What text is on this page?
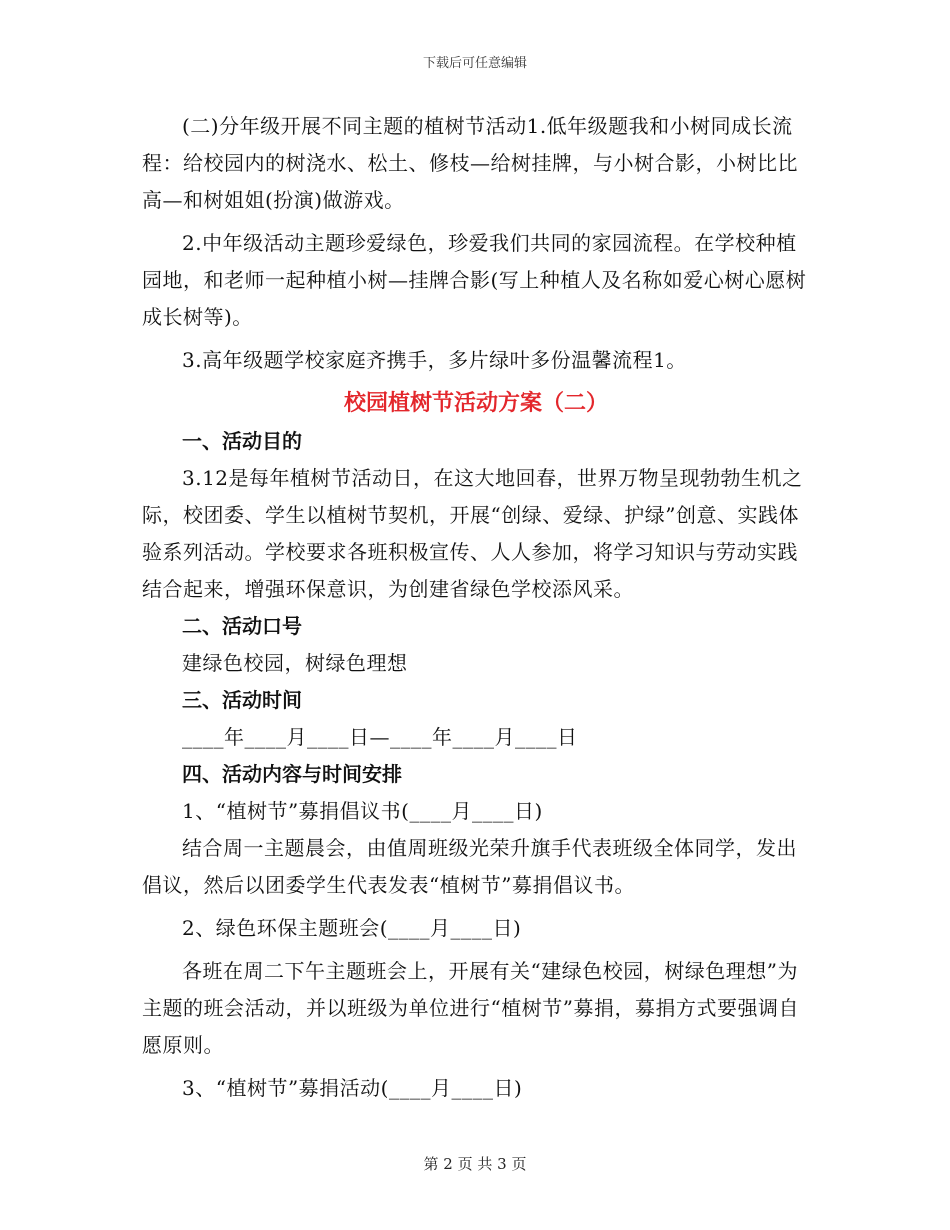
下载后可任意编辑

(二)分年级开展不同主题的植树节活动1.低年级题我和小树同成长流程：给校园内的树浇水、松土、修枝—给树挂牌，与小树合影，小树比比高—和树姐姐(扮演)做游戏。

2.中年级活动主题珍爱绿色，珍爱我们共同的家园流程。在学校种植园地，和老师一起种植小树—挂牌合影(写上种植人及名称如爱心树心愿树成长树等)。

3.高年级题学校家庭齐携手，多片绿叶多份温馨流程1。

校园植树节活动方案（二）

一、活动目的

3.12是每年植树节活动日，在这大地回春，世界万物呈现勃勃生机之际，校团委、学生以植树节契机，开展“创绿、爱绿、护绿”创意、实践体验系列活动。学校要求各班积极宣传、人人参加，将学习知识与劳动实践结合起来，增强环保意识，为创建省绿色学校添风采。

二、活动口号

建绿色校园，树绿色理想

三、活动时间

____年____月____日—____年____月____日

四、活动内容与时间安排

1、“植树节”募捐倡议书(____月____日)

结合周一主题晨会，由值周班级光荣升旗手代表班级全体同学，发出倡议，然后以团委学生代表发表“植树节”募捐倡议书。

2、绿色环保主题班会(____月____日)

各班在周二下午主题班会上，开展有关“建绿色校园，树绿色理想”为主题的班会活动，并以班级为单位进行“植树节”募捐，募捐方式要强调自愿原则。

3、“植树节”募捐活动(____月____日)

第 2 页 共 3 页
